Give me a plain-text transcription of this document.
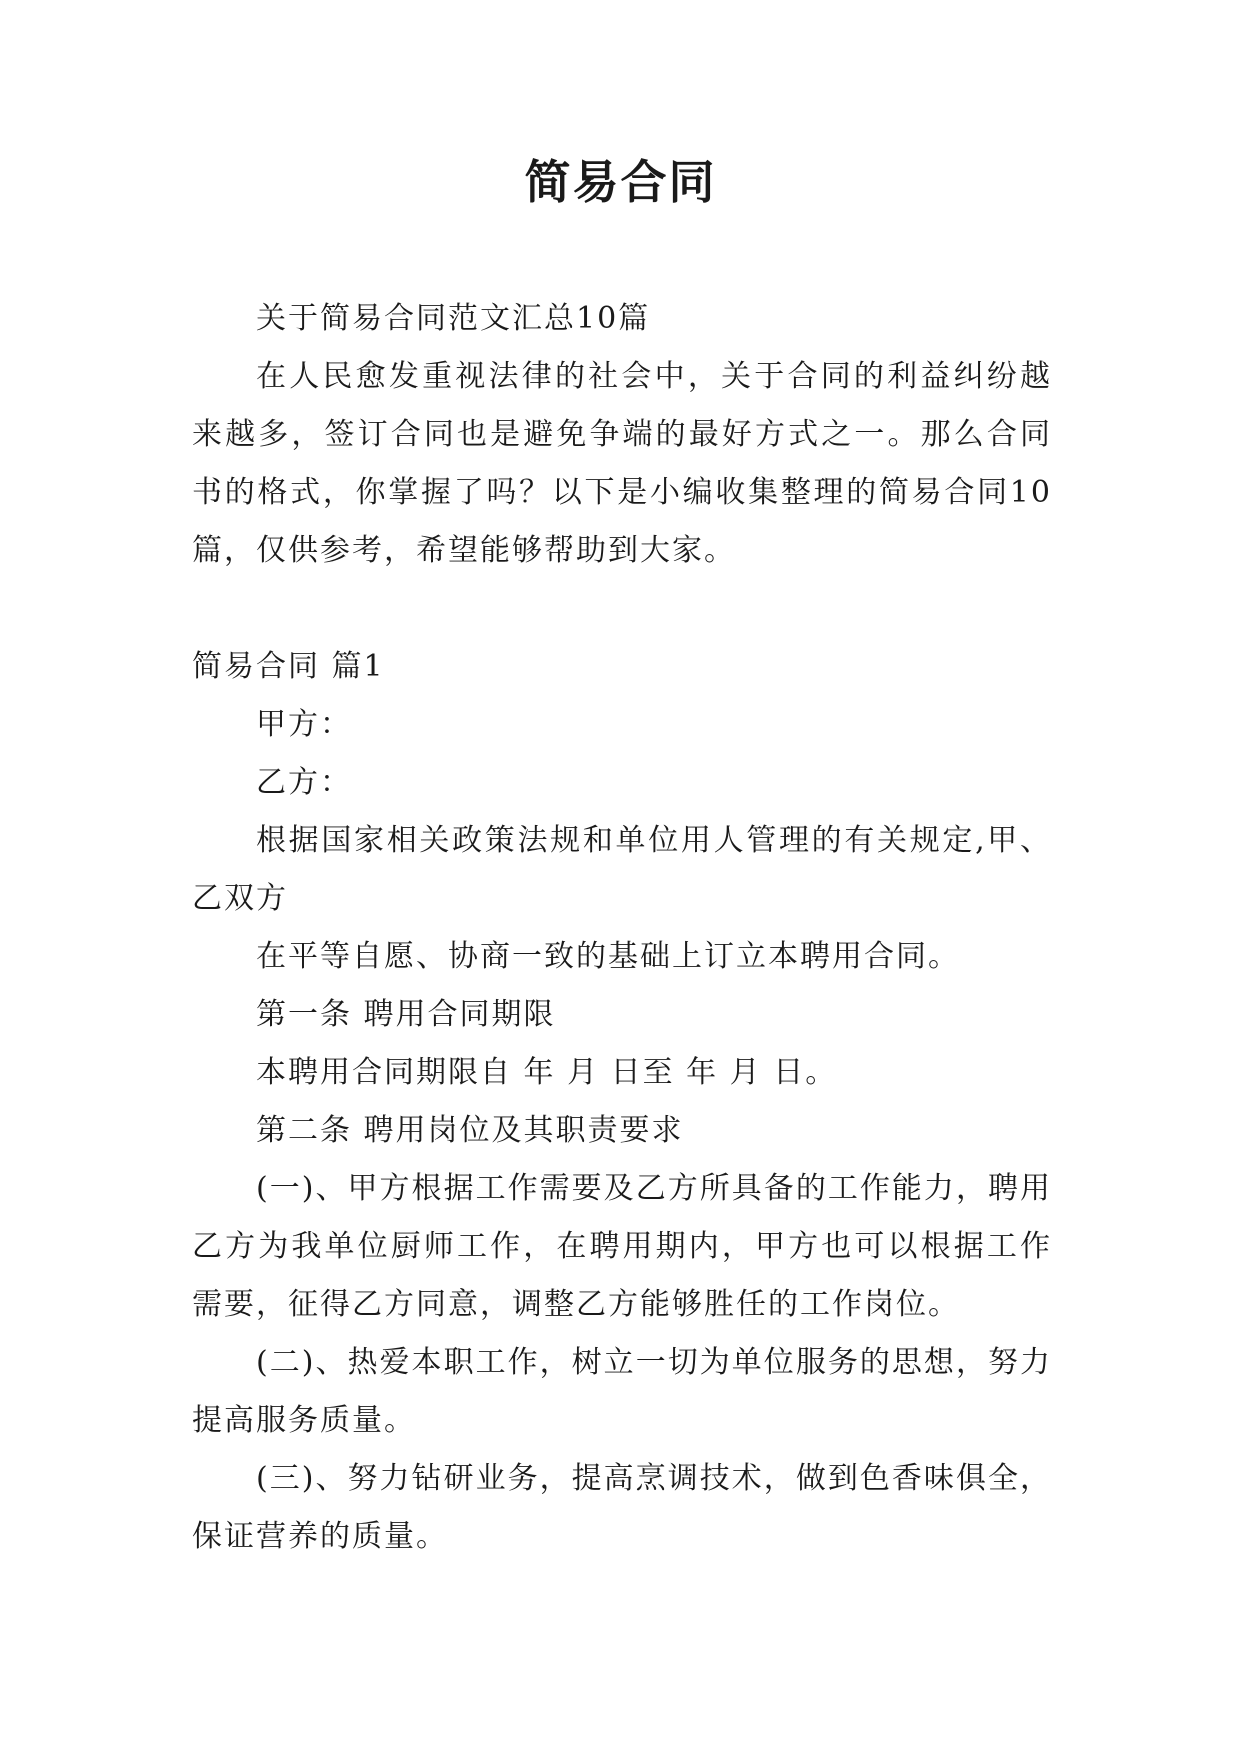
简易合同

关于简易合同范文汇总10篇

在人民愈发重视法律的社会中，关于合同的利益纠纷越来越多，签订合同也是避免争端的最好方式之一。那么合同书的格式，你掌握了吗？以下是小编收集整理的简易合同10篇，仅供参考，希望能够帮助到大家。

简易合同 篇1

甲方：

乙方：

根据国家相关政策法规和单位用人管理的有关规定,甲、乙双方

在平等自愿、协商一致的基础上订立本聘用合同。

第一条 聘用合同期限

本聘用合同期限自 年 月 日至 年 月 日。

第二条 聘用岗位及其职责要求

(一)、甲方根据工作需要及乙方所具备的工作能力，聘用乙方为我单位厨师工作，在聘用期内，甲方也可以根据工作需要，征得乙方同意，调整乙方能够胜任的工作岗位。

(二)、热爱本职工作，树立一切为单位服务的思想，努力提高服务质量。

(三)、努力钻研业务，提高烹调技术，做到色香味俱全，保证营养的质量。
